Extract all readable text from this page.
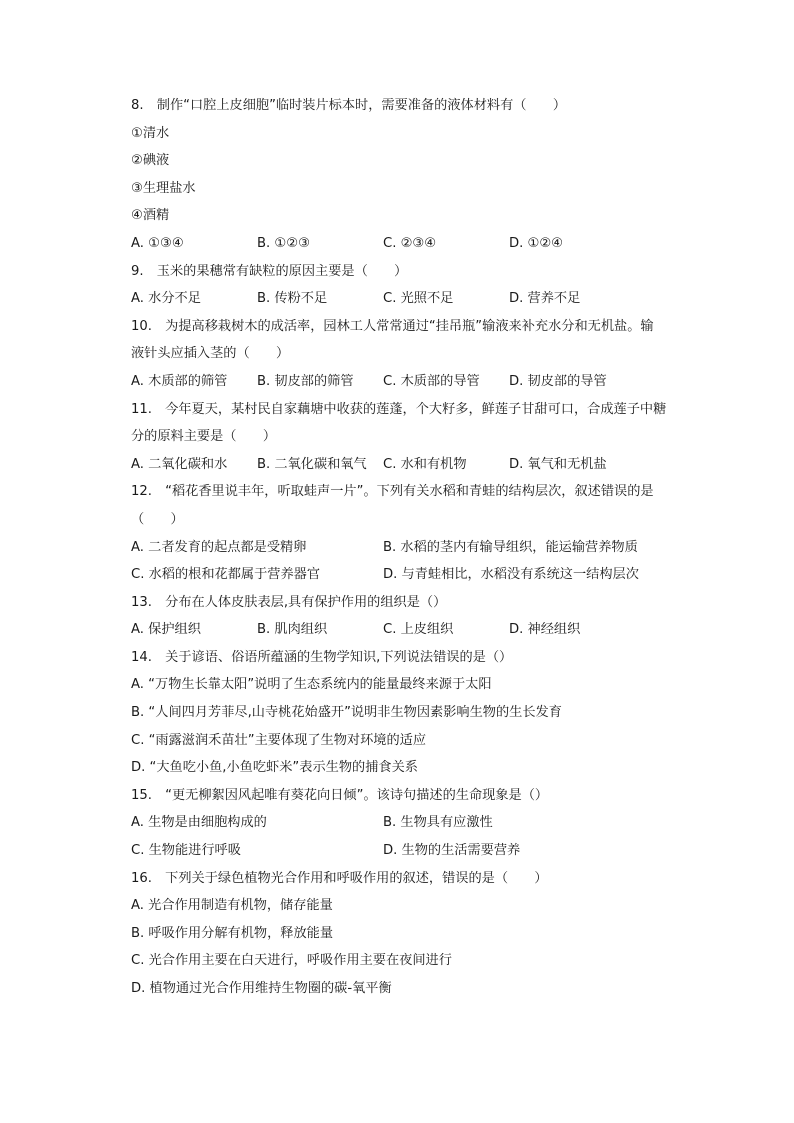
8.　制作“口腔上皮细胞”临时装片标本时，需要准备的液体材料有（　　）
①清水
②碘液
③生理盐水
④酒精
A. ①③④	B. ①②③	C. ②③④	D. ①②④
9.　玉米的果穗常有缺粒的原因主要是（　　）
A. 水分不足	B. 传粉不足	C. 光照不足	D. 营养不足
10.　为提高移栽树木的成活率，园林工人常常通过“挂吊瓶”输液来补充水分和无机盐。输
液针头应插入茎的（　　）
A. 木质部的筛管	B. 韧皮部的筛管	C. 木质部的导管	D. 韧皮部的导管
11.　今年夏天，某村民自家藕塘中收获的莲蓬，个大籽多，鲜莲子甘甜可口，合成莲子中糖
分的原料主要是（　　）
A. 二氧化碳和水	B. 二氧化碳和氧气	C. 水和有机物	D. 氧气和无机盐
12.　“稻花香里说丰年，听取蛙声一片”。下列有关水稻和青蛙的结构层次，叙述错误的是
（　　）
A. 二者发育的起点都是受精卵	B. 水稻的茎内有输导组织，能运输营养物质
C. 水稻的根和花都属于营养器官	D. 与青蛙相比，水稻没有系统这一结构层次
13.　分布在人体皮肤表层,具有保护作用的组织是（）
A. 保护组织	B. 肌肉组织	C. 上皮组织	D. 神经组织
14.　关于谚语、俗语所蕴涵的生物学知识,下列说法错误的是（）
A. “万物生长靠太阳”说明了生态系统内的能量最终来源于太阳
B. “人间四月芳菲尽,山寺桃花始盛开”说明非生物因素影响生物的生长发育
C. “雨露滋润禾苗壮”主要体现了生物对环境的适应
D. “大鱼吃小鱼,小鱼吃虾米”表示生物的捕食关系
15.　“更无柳絮因风起唯有葵花向日倾”。该诗句描述的生命现象是（）
A. 生物是由细胞构成的	B. 生物具有应激性
C. 生物能进行呼吸	D. 生物的生活需要营养
16.　下列关于绿色植物光合作用和呼吸作用的叙述，错误的是（　　）
A. 光合作用制造有机物，储存能量
B. 呼吸作用分解有机物，释放能量
C. 光合作用主要在白天进行，呼吸作用主要在夜间进行
D. 植物通过光合作用维持生物圈的碳-氧平衡
